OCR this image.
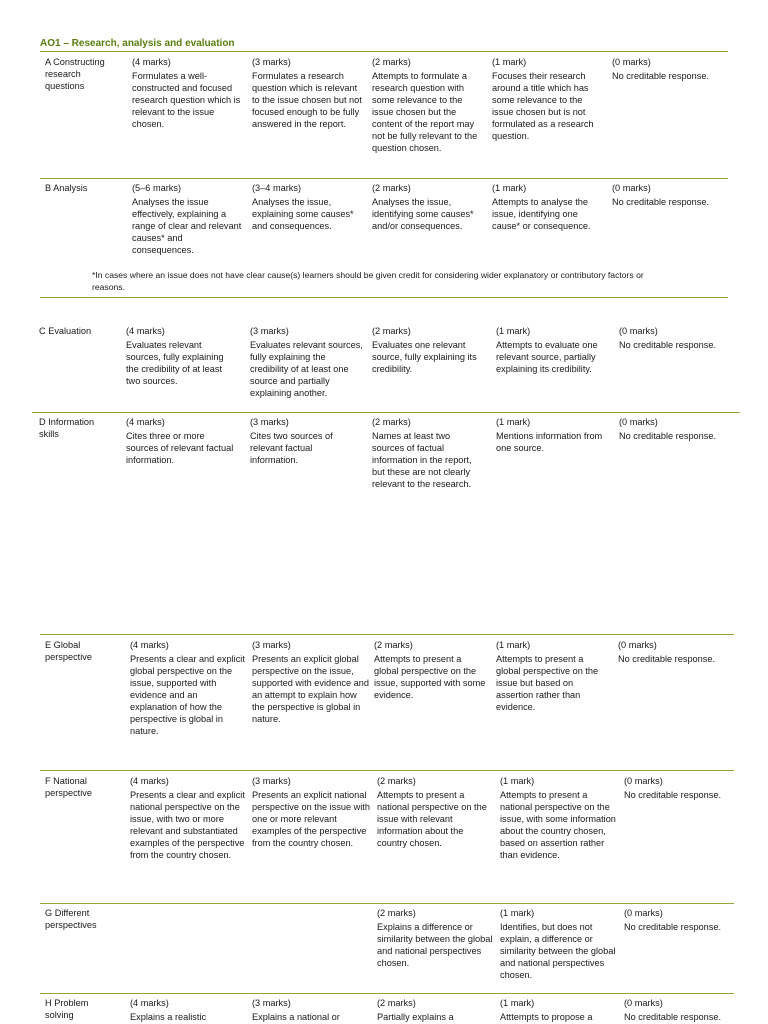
AO1 – Research, analysis and evaluation
A Constructing research questions
(4 marks)
Formulates a well-constructed and focused research question which is relevant to the issue chosen.
(3 marks)
Formulates a research question which is relevant to the issue chosen but not focused enough to be fully answered in the report.
(2 marks)
Attempts to formulate a research question with some relevance to the issue chosen but the content of the report may not be fully relevant to the question chosen.
(1 mark)
Focuses their research around a title which has some relevance to the issue chosen but is not formulated as a research question.
(0 marks)
No creditable response.
B Analysis	(5–6 marks)
Analyses the issue effectively, explaining a range of clear and relevant causes* and consequences.
(3–4 marks)
Analyses the issue, explaining some causes* and consequences.
(2 marks)
Analyses the issue, identifying some causes* and/or consequences.
(1 mark)
Attempts to analyse the issue, identifying one cause* or consequence.
(0 marks)
No creditable response.
*In cases where an issue does not have clear cause(s) learners should be given credit for considering wider explanatory or contributory factors or reasons.
C Evaluation	(4 marks)
Evaluates relevant sources, fully explaining the credibility of at least two sources.
(3 marks)
Evaluates relevant sources, fully explaining the credibility of at least one source and partially explaining another.
(2 marks)
Evaluates one relevant source, fully explaining its credibility.
(1 mark)
Attempts to evaluate one relevant source, partially explaining its credibility.
(0 marks)
No creditable response.
D Information skills
(4 marks)
Cites three or more sources of relevant factual information.
(3 marks)
Cites two sources of relevant factual information.
(2 marks)
Names at least two sources of factual information in the report, but these are not clearly relevant to the research.
(1 mark)
Mentions information from one source.
(0 marks)
No creditable response.
E Global perspective
(4 marks)
Presents a clear and explicit global perspective on the issue, supported with evidence and an explanation of how the perspective is global in nature.
(3 marks)
Presents an explicit global perspective on the issue, supported with evidence and an attempt to explain how the perspective is global in nature.
(2 marks)
Attempts to present a global perspective on the issue, supported with some evidence.
(1 mark)
Attempts to present a global perspective on the issue but based on assertion rather than evidence.
(0 marks)
No creditable response.
F National perspective
(4 marks)
Presents a clear and explicit national perspective on the issue, with two or more relevant and substantiated examples of the perspective from the country chosen.
(3 marks)
Presents an explicit national perspective on the issue with one or more relevant examples of the perspective from the country chosen.
(2 marks)
Attempts to present a national perspective on the issue with relevant information about the country chosen.
(1 mark)
Attempts to present a national perspective on the issue, with some information about the country chosen, based on assertion rather than evidence.
(0 marks)
No creditable response.
G Different perspectives
(2 marks)
Explains a difference or similarity between the global and national perspectives chosen.
(1 mark)
Identifies, but does not explain, a difference or similarity between the global and national perspectives chosen.
(0 marks)
No creditable response.
H Problem solving
(4 marks)
Explains a realistic
(3 marks)
Explains a national or
(2 marks)
Partially explains a
(1 mark)
Atttempts to propose a
(0 marks)
No creditable response.
